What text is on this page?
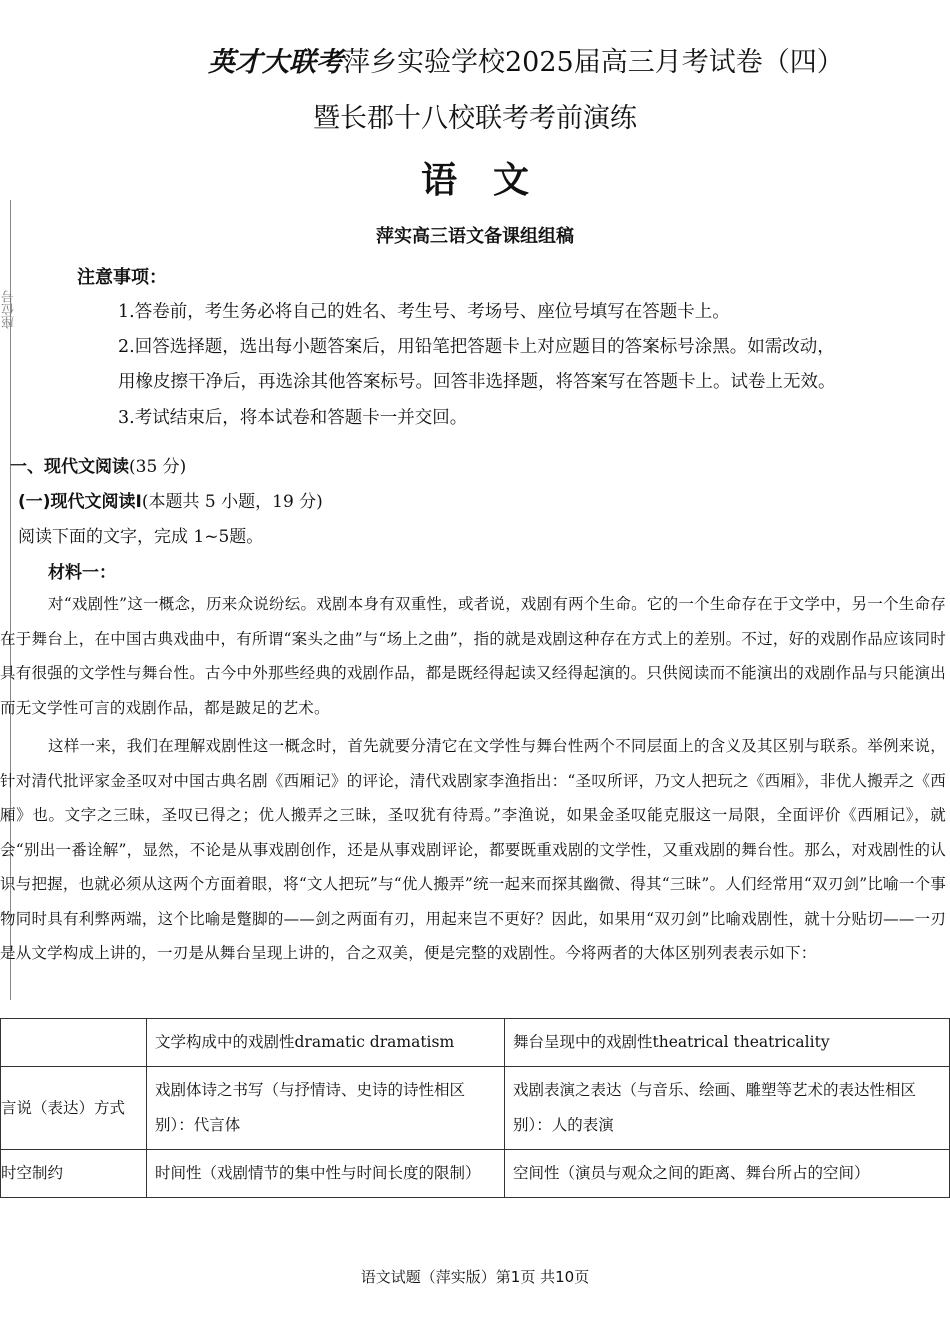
座位号
英才大联考萍乡实验学校2025届高三月考试卷（四）
暨长郡十八校联考考前演练
语　文
萍实高三语文备课组组稿
注意事项：
1.答卷前，考生务必将自己的姓名、考生号、考场号、座位号填写在答题卡上。
2.回答选择题，选出每小题答案后，用铅笔把答题卡上对应题目的答案标号涂黑。如需改动，
用橡皮擦干净后，再选涂其他答案标号。回答非选择题，将答案写在答题卡上。试卷上无效。
3.考试结束后，将本试卷和答题卡一并交回。
一、现代文阅读(35 分)
(一)现代文阅读Ⅰ(本题共 5 小题，19 分)
阅读下面的文字，完成 1~5题。
材料一：
对“戏剧性”这一概念，历来众说纷纭。戏剧本身有双重性，或者说，戏剧有两个生命。它的一个生命存在于文学中，另一个生命存在于舞台上，在中国古典戏曲中，有所谓“案头之曲”与“场上之曲”，指的就是戏剧这种存在方式上的差别。不过，好的戏剧作品应该同时具有很强的文学性与舞台性。古今中外那些经典的戏剧作品，都是既经得起读又经得起演的。只供阅读而不能演出的戏剧作品与只能演出而无文学性可言的戏剧作品，都是跛足的艺术。
这样一来，我们在理解戏剧性这一概念时，首先就要分清它在文学性与舞台性两个不同层面上的含义及其区别与联系。举例来说，针对清代批评家金圣叹对中国古典名剧《西厢记》的评论，清代戏剧家李渔指出：“圣叹所评，乃文人把玩之《西厢》，非优人搬弄之《西厢》也。文字之三昧，圣叹已得之；优人搬弄之三昧，圣叹犹有待焉。”李渔说，如果金圣叹能克服这一局限，全面评价《西厢记》，就会“别出一番诠解”，显然，不论是从事戏剧创作，还是从事戏剧评论，都要既重戏剧的文学性，又重戏剧的舞台性。那么，对戏剧性的认识与把握，也就必须从这两个方面着眼，将“文人把玩”与“优人搬弄”统一起来而探其幽微、得其“三昧”。人们经常用“双刃剑”比喻一个事物同时具有利弊两端，这个比喻是蹩脚的——剑之两面有刃，用起来岂不更好？因此，如果用“双刃剑”比喻戏剧性，就十分贴切——一刃是从文学构成上讲的，一刃是从舞台呈现上讲的，合之双美，便是完整的戏剧性。今将两者的大体区别列表表示如下：
	文学构成中的戏剧性dramatic dramatism	舞台呈现中的戏剧性theatrical theatricality
言说（表达）方式	戏剧体诗之书写（与抒情诗、史诗的诗性相区别）：代言体	戏剧表演之表达（与音乐、绘画、雕塑等艺术的表达性相区别）：人的表演
时空制约	时间性（戏剧情节的集中性与时间长度的限制）	空间性（演员与观众之间的距离、舞台所占的空间）
语文试题（萍实版）第1页 共10页
